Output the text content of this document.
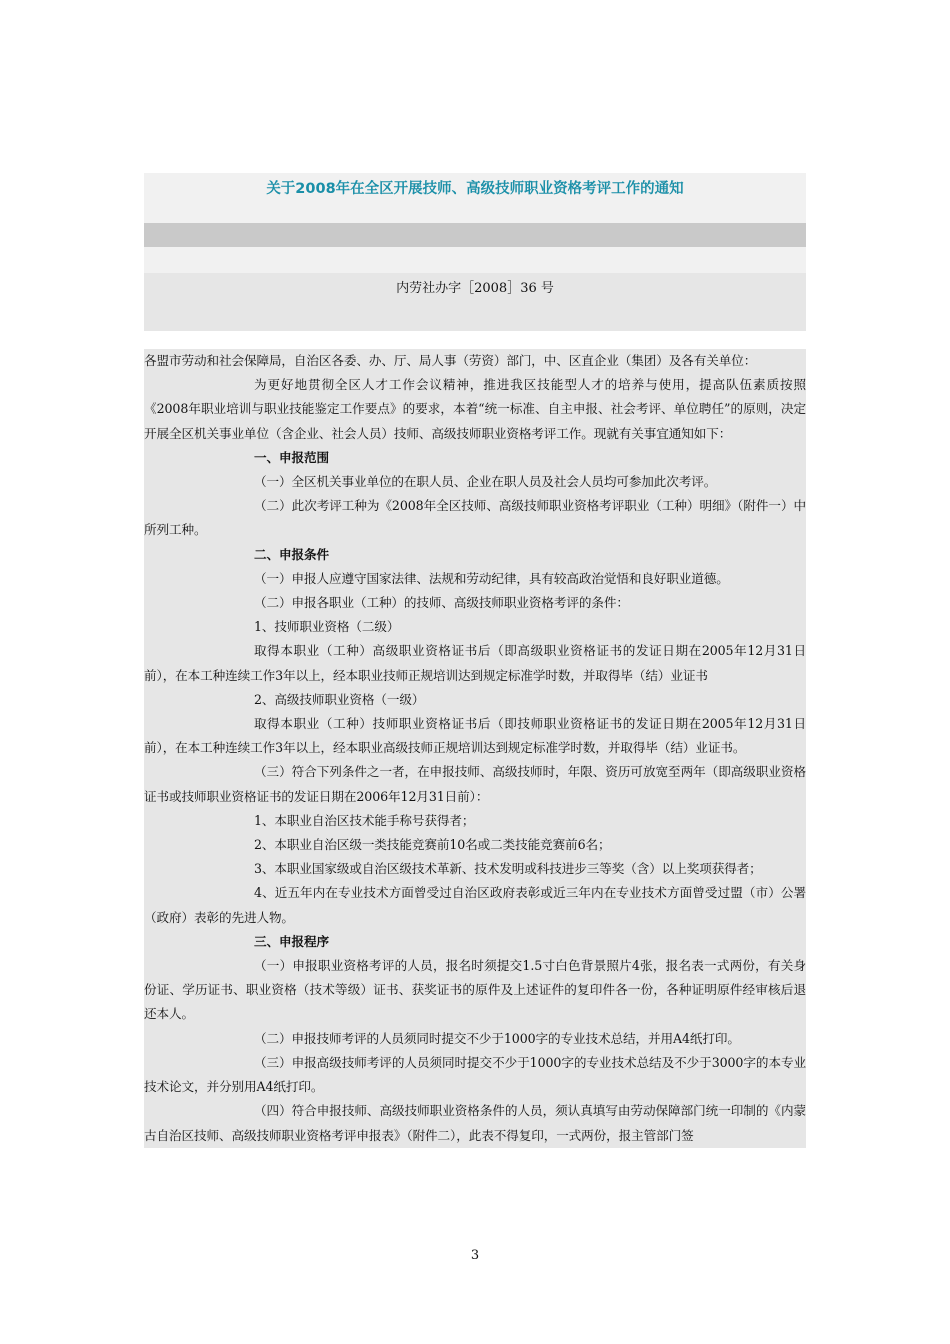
关于2008年在全区开展技师、高级技师职业资格考评工作的通知
内劳社办字［2008］36 号

各盟市劳动和社会保障局，自治区各委、办、厅、局人事（劳资）部门，中、区直企业（集团）及各有关单位：

为更好地贯彻全区人才工作会议精神，推进我区技能型人才的培养与使用，提高队伍素质按照《2008年职业培训与职业技能鉴定工作要点》的要求，本着“统一标准、自主申报、社会考评、单位聘任”的原则，决定开展全区机关事业单位（含企业、社会人员）技师、高级技师职业资格考评工作。现就有关事宜通知如下：

一、申报范围

（一）全区机关事业单位的在职人员、企业在职人员及社会人员均可参加此次考评。

（二）此次考评工种为《2008年全区技师、高级技师职业资格考评职业（工种）明细》（附件一）中所列工种。

二、申报条件

（一）申报人应遵守国家法律、法规和劳动纪律，具有较高政治觉悟和良好职业道德。

（二）申报各职业（工种）的技师、高级技师职业资格考评的条件：

1、技师职业资格（二级）

取得本职业（工种）高级职业资格证书后（即高级职业资格证书的发证日期在2005年12月31日前），在本工种连续工作3年以上，经本职业技师正规培训达到规定标准学时数，并取得毕（结）业证书

2、高级技师职业资格（一级）

取得本职业（工种）技师职业资格证书后（即技师职业资格证书的发证日期在2005年12月31日前），在本工种连续工作3年以上，经本职业高级技师正规培训达到规定标准学时数，并取得毕（结）业证书。

（三）符合下列条件之一者，在申报技师、高级技师时，年限、资历可放宽至两年（即高级职业资格证书或技师职业资格证书的发证日期在2006年12月31日前）：

1、本职业自治区技术能手称号获得者；

2、本职业自治区级一类技能竞赛前10名或二类技能竞赛前6名；

3、本职业国家级或自治区级技术革新、技术发明或科技进步三等奖（含）以上奖项获得者；

4、近五年内在专业技术方面曾受过自治区政府表彰或近三年内在专业技术方面曾受过盟（市）公署（政府）表彰的先进人物。

三、申报程序

（一）申报职业资格考评的人员，报名时须提交1.5寸白色背景照片4张，报名表一式两份，有关身份证、学历证书、职业资格（技术等级）证书、获奖证书的原件及上述证件的复印件各一份，各种证明原件经审核后退还本人。

（二）申报技师考评的人员须同时提交不少于1000字的专业技术总结，并用A4纸打印。

（三）申报高级技师考评的人员须同时提交不少于1000字的专业技术总结及不少于3000字的本专业技术论文，并分别用A4纸打印。

（四）符合申报技师、高级技师职业资格条件的人员，须认真填写由劳动保障部门统一印制的《内蒙古自治区技师、高级技师职业资格考评申报表》（附件二），此表不得复印，一式两份，报主管部门签

3
